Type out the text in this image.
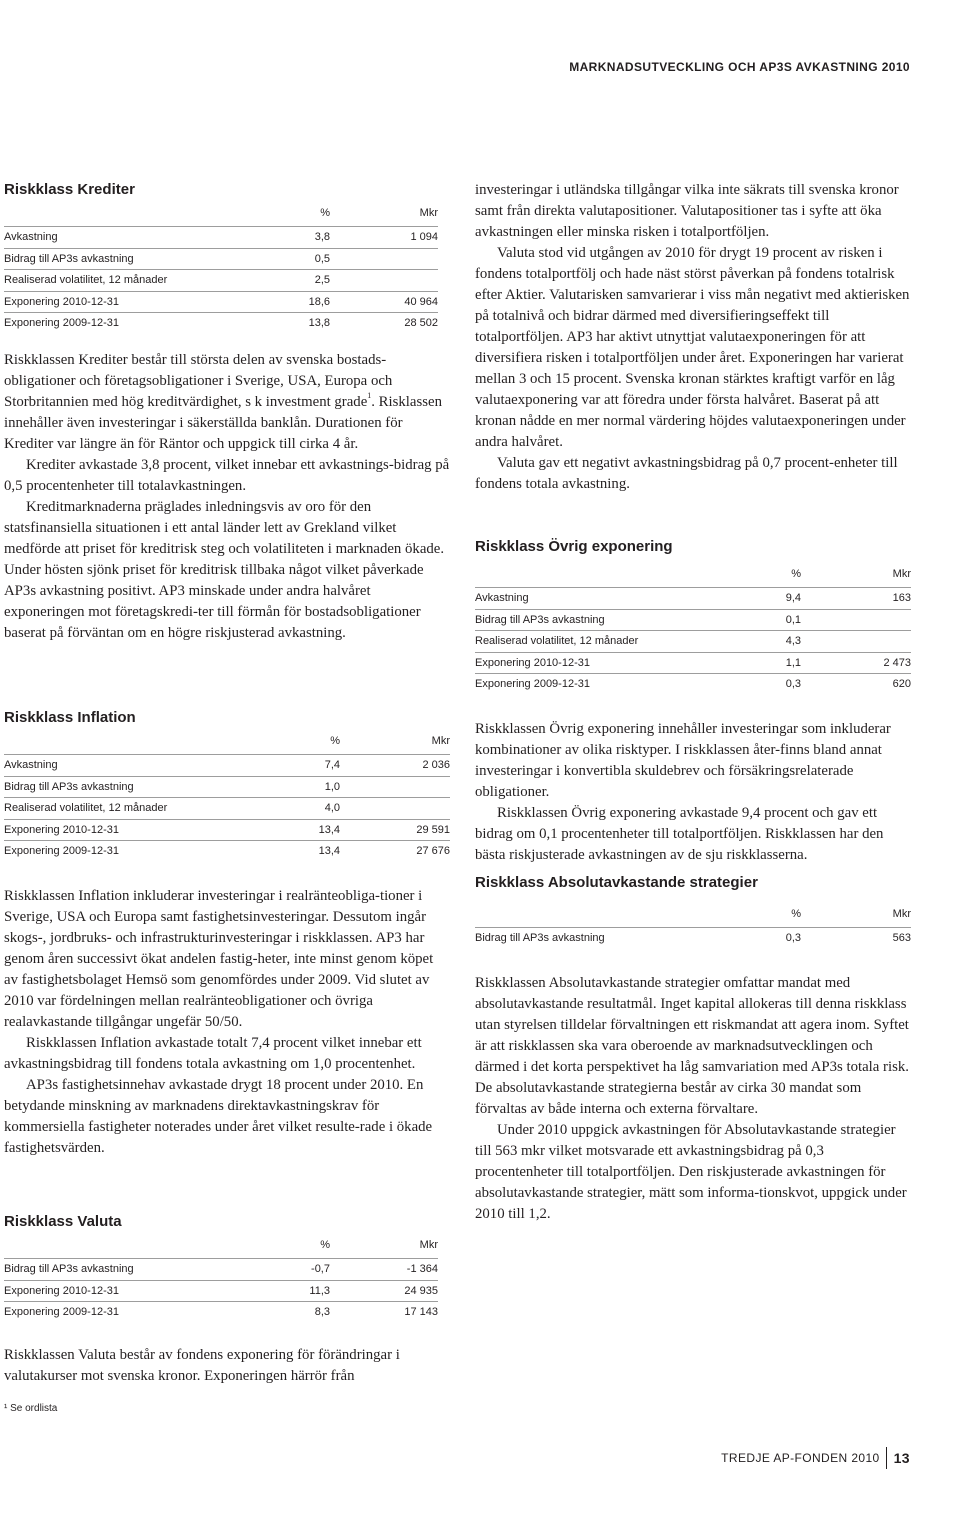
MARKNADSUTVECKLING OCH AP3S AVKASTNING 2010
Riskklass Krediter
	%	Mkr
Avkastning	3,8	1 094
Bidrag till AP3s avkastning	0,5	
Realiserad volatilitet, 12 månader	2,5	
Exponering 2010-12-31	18,6	40 964
Exponering 2009-12-31	13,8	28 502

Riskklassen Krediter består till största delen av svenska bostads-obligationer och företagsobligationer i Sverige, USA, Europa och Storbritannien med hög kreditvärdighet, s k investment grade$^1$. Risklassen innehåller även investeringar i säkerställda banklån. Durationen för Krediter var längre än för Räntor och uppgick till cirka 4 år.

Krediter avkastade 3,8 procent, vilket innebar ett avkastnings-bidrag på 0,5 procentenheter till totalavkastningen.

Kreditmarknaderna präglades inledningsvis av oro för den statsfinansiella situationen i ett antal länder lett av Grekland vilket medförde att priset för kreditrisk steg och volatiliteten i marknaden ökade. Under hösten sjönk priset för kreditrisk tillbaka något vilket påverkade AP3s avkastning positivt. AP3 minskade under andra halvåret exponeringen mot företagskredi-ter till förmån för bostadsobligationer baserat på förväntan om en högre riskjusterad avkastning.

Riskklass Inflation
	%	Mkr
Avkastning	7,4	2 036
Bidrag till AP3s avkastning	1,0	
Realiserad volatilitet, 12 månader	4,0	
Exponering 2010-12-31	13,4	29 591
Exponering 2009-12-31	13,4	27 676

Riskklassen Inflation inkluderar investeringar i realränteobliga-tioner i Sverige, USA och Europa samt fastighetsinvesteringar. Dessutom ingår skogs-, jordbruks- och infrastrukturinvesteringar i riskklassen. AP3 har genom åren successivt ökat andelen fastig-heter, inte minst genom köpet av fastighetsbolaget Hemsö som genomfördes under 2009. Vid slutet av 2010 var fördelningen mellan realränteobligationer och övriga realavkastande tillgångar ungefär 50/50.

Riskklassen Inflation avkastade totalt 7,4 procent vilket innebar ett avkastningsbidrag till fondens totala avkastning om 1,0 procentenhet.

AP3s fastighetsinnehav avkastade drygt 18 procent under 2010. En betydande minskning av marknadens direktavkastningskrav för kommersiella fastigheter noterades under året vilket resulte-rade i ökade fastighetsvärden.

Riskklass Valuta
	%	Mkr
Bidrag till AP3s avkastning	-0,7	-1 364
Exponering 2010-12-31	11,3	24 935
Exponering 2009-12-31	8,3	17 143

Riskklassen Valuta består av fondens exponering för förändringar i valutakurser mot svenska kronor. Exponeringen härrör från

investeringar i utländska tillgångar vilka inte säkrats till svenska kronor samt från direkta valutapositioner. Valutapositioner tas i syfte att öka avkastningen eller minska risken i totalportföljen.

Valuta stod vid utgången av 2010 för drygt 19 procent av risken i fondens totalportfölj och hade näst störst påverkan på fondens totalrisk efter Aktier. Valutarisken samvarierar i viss mån negativt med aktierisken på totalnivå och bidrar därmed med diversifieringseffekt till totalportföljen. AP3 har aktivt utnyttjat valutaexponeringen för att diversifiera risken i totalportföljen under året. Exponeringen har varierat mellan 3 och 15 procent. Svenska kronan stärktes kraftigt varför en låg valutaexponering var att föredra under första halvåret. Baserat på att kronan nådde en mer normal värdering höjdes valutaexponeringen under andra halvåret.

Valuta gav ett negativt avkastningsbidrag på 0,7 procent-enheter till fondens totala avkastning.

Riskklass Övrig exponering
	%	Mkr
Avkastning	9,4	163
Bidrag till AP3s avkastning	0,1	
Realiserad volatilitet, 12 månader	4,3	
Exponering 2010-12-31	1,1	2 473
Exponering 2009-12-31	0,3	620

Riskklassen Övrig exponering innehåller investeringar som inkluderar kombinationer av olika risktyper. I riskklassen åter-finns bland annat investeringar i konvertibla skuldebrev och försäkringsrelaterade obligationer.

Riskklassen Övrig exponering avkastade 9,4 procent och gav ett bidrag om 0,1 procentenheter till totalportföljen. Riskklassen har den bästa riskjusterade avkastningen av de sju riskklasserna.

Riskklass Absolutavkastande strategier
	%	Mkr
Bidrag till AP3s avkastning	0,3	563

Riskklassen Absolutavkastande strategier omfattar mandat med absolutavkastande resultatmål. Inget kapital allokeras till denna riskklass utan styrelsen tilldelar förvaltningen ett riskmandat att agera inom. Syftet är att riskklassen ska vara oberoende av marknadsutvecklingen och därmed i det korta perspektivet ha låg samvariation med AP3s totala risk. De absolutavkastande strategierna består av cirka 30 mandat som förvaltas av både interna och externa förvaltare.

Under 2010 uppgick avkastningen för Absolutavkastande strategier till 563 mkr vilket motsvarade ett avkastningsbidrag på 0,3 procentenheter till totalportföljen. Den riskjusterade avkastningen för absolutavkastande strategier, mätt som informa-tionskvot, uppgick under 2010 till 1,2.

¹ Se ordlista
TREDJE AP-FONDEN 2010 13
